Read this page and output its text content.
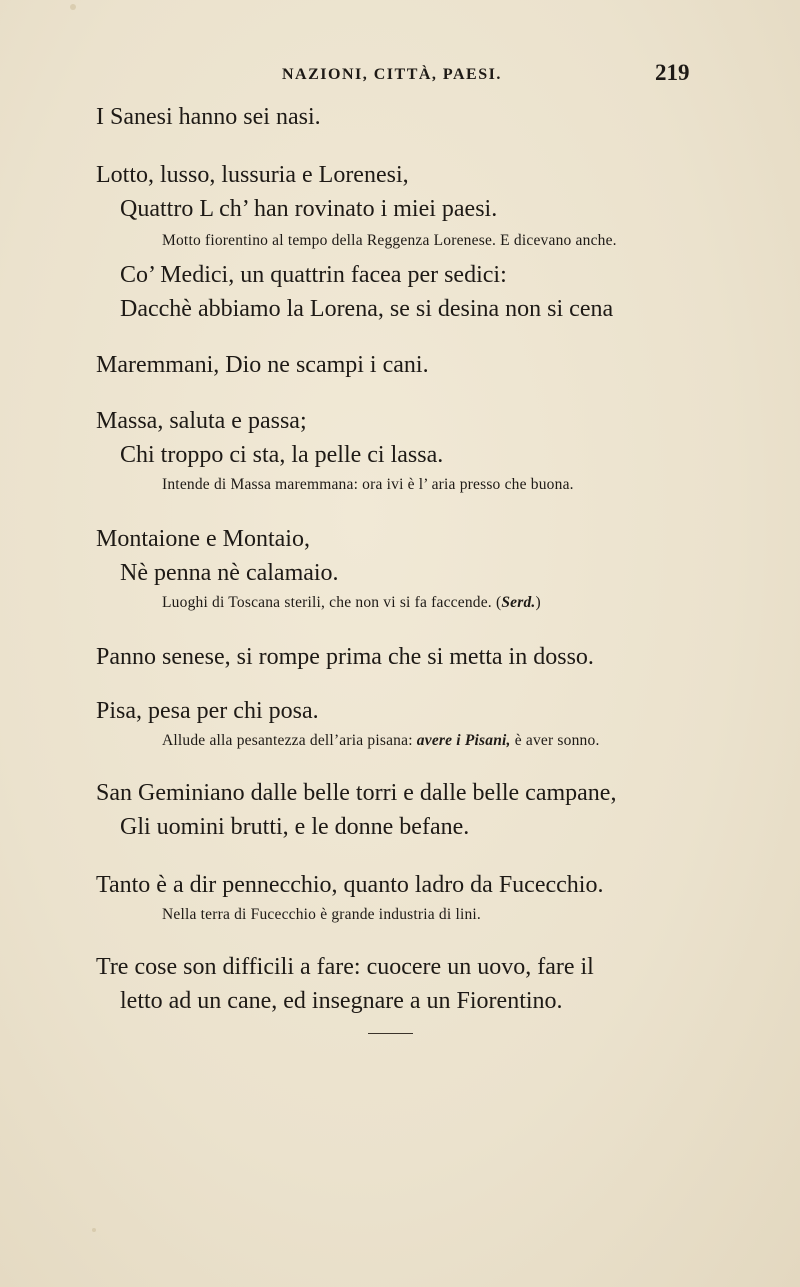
NAZIONI, CITTÀ, PAESI.	219
I Sanesi hanno sei nasi.
Lotto, lusso, lussuria e Lorenesi,
Quattro L ch’ han rovinato i miei paesi.
Motto fiorentino al tempo della Reggenza Lorenese. E dicevano anche.
Co’ Medici, un quattrin facea per sedici:
Dacchè abbiamo la Lorena, se si desina non si cena
Maremmani, Dio ne scampi i cani.
Massa, saluta e passa;
Chi troppo ci sta, la pelle ci lassa.
Intende di Massa maremmana: ora ivi è l’ aria presso che buona.
Montaione e Montaio,
Nè penna nè calamaio.
Luoghi di Toscana sterili, che non vi si fa faccende. (Serd.)
Panno senese, si rompe prima che si metta in dosso.
Pisa, pesa per chi posa.
Allude alla pesantezza dell’aria pisana: avere i Pisani, è aver sonno.
San Geminiano dalle belle torri e dalle belle campane,
Gli uomini brutti, e le donne befane.
Tanto è a dir pennecchio, quanto ladro da Fucecchio.
Nella terra di Fucecchio è grande industria di lini.
Tre cose son difficili a fare: cuocere un uovo, fare il
letto ad un cane, ed insegnare a un Fiorentino.
